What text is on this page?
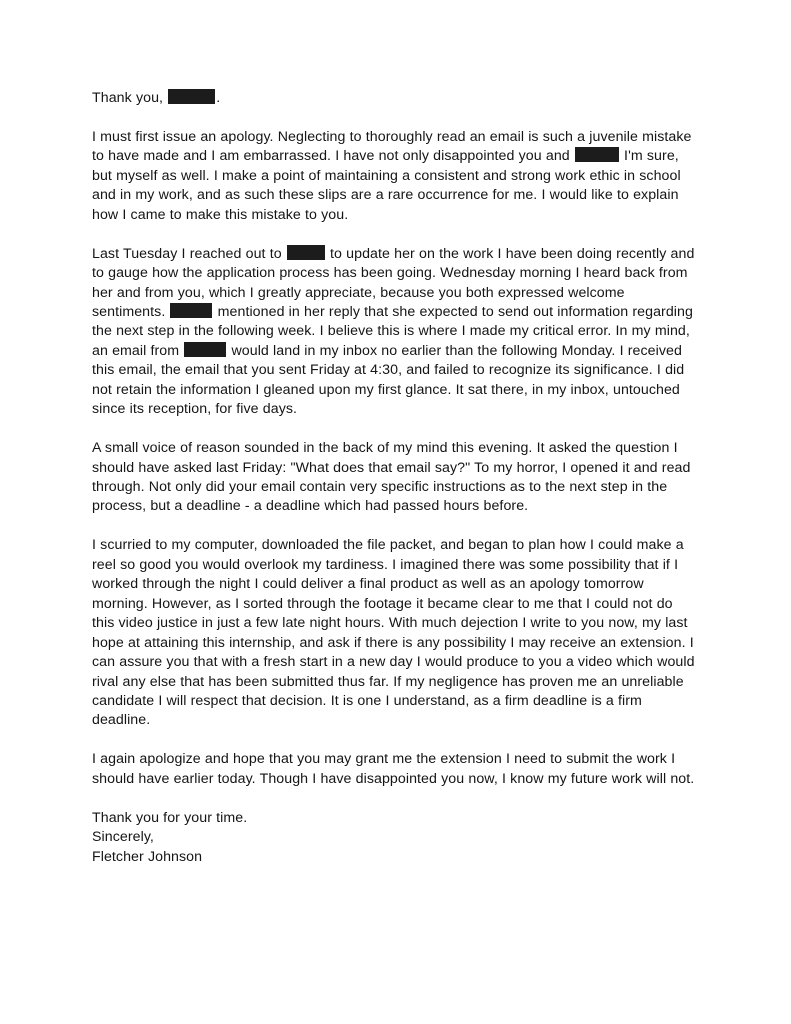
Thank you,	.

I must first issue an apology. Neglecting to thoroughly read an email is such a juvenile mistake to have made and I am embarrassed. I have not only disappointed you and	I'm sure, but myself as well. I make a point of maintaining a consistent and strong work ethic in school and in my work, and as such these slips are a rare occurrence for me. I would like to explain how I came to make this mistake to you.

Last Tuesday I reached out to	to update her on the work I have been doing recently and to gauge how the application process has been going. Wednesday morning I heard back from her and from you, which I greatly appreciate, because you both expressed welcome sentiments.	mentioned in her reply that she expected to send out information regarding the next step in the following week. I believe this is where I made my critical error. In my mind, an email from	would land in my inbox no earlier than the following Monday. I received this email, the email that you sent Friday at 4:30, and failed to recognize its significance. I did not retain the information I gleaned upon my first glance. It sat there, in my inbox, untouched since its reception, for five days.

A small voice of reason sounded in the back of my mind this evening. It asked the question I should have asked last Friday: "What does that email say?" To my horror, I opened it and read through. Not only did your email contain very specific instructions as to the next step in the process, but a deadline - a deadline which had passed hours before.

I scurried to my computer, downloaded the file packet, and began to plan how I could make a reel so good you would overlook my tardiness. I imagined there was some possibility that if I worked through the night I could deliver a final product as well as an apology tomorrow morning. However, as I sorted through the footage it became clear to me that I could not do this video justice in just a few late night hours. With much dejection I write to you now, my last hope at attaining this internship, and ask if there is any possibility I may receive an extension. I can assure you that with a fresh start in a new day I would produce to you a video which would rival any else that has been submitted thus far. If my negligence has proven me an unreliable candidate I will respect that decision. It is one I understand, as a firm deadline is a firm deadline.

I again apologize and hope that you may grant me the extension I need to submit the work I should have earlier today. Though I have disappointed you now, I know my future work will not.

Thank you for your time.
Sincerely,
Fletcher Johnson
